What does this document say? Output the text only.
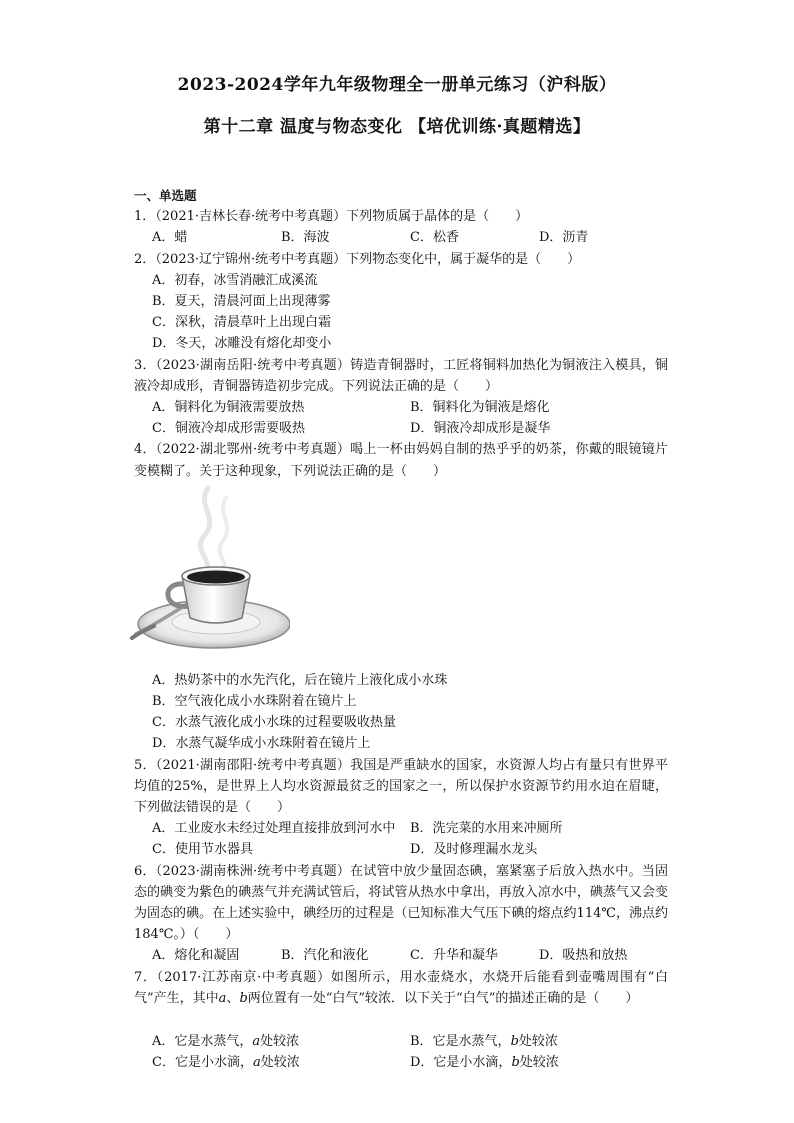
2023-2024学年九年级物理全一册单元练习（沪科版）
第十二章 温度与物态变化 【培优训练·真题精选】
一、单选题

1．（2021·吉林长春·统考中考真题）下列物质属于晶体的是（　　）

A．蜡	B．海波	C．松香	D．沥青

2．（2023·辽宁锦州·统考中考真题）下列物态变化中，属于凝华的是（　　）

A．初春，冰雪消融汇成溪流
B．夏天，清晨河面上出现薄雾
C．深秋，清晨草叶上出现白霜
D．冬天，冰雕没有熔化却变小

3．（2023·湖南岳阳·统考中考真题）铸造青铜器时，工匠将铜料加热化为铜液注入模具，铜液冷却成形，青铜器铸造初步完成。下列说法正确的是（　　）

A．铜料化为铜液需要放热	B．铜料化为铜液是熔化
C．铜液冷却成形需要吸热	D．铜液冷却成形是凝华

4．（2022·湖北鄂州·统考中考真题）喝上一杯由妈妈自制的热乎乎的奶茶，你戴的眼镜镜片变模糊了。关于这种现象，下列说法正确的是（　　）

A．热奶茶中的水先汽化，后在镜片上液化成小水珠
B．空气液化成小水珠附着在镜片上
C．水蒸气液化成小水珠的过程要吸收热量
D．水蒸气凝华成小水珠附着在镜片上

5．（2021·湖南邵阳·统考中考真题）我国是严重缺水的国家，水资源人均占有量只有世界平均值的25%，是世界上人均水资源最贫乏的国家之一，所以保护水资源节约用水迫在眉睫，下列做法错误的是（　　）

A．工业废水未经过处理直接排放到河水中	B．洗完菜的水用来冲厕所
C．使用节水器具	D．及时修理漏水龙头

6．（2023·湖南株洲·统考中考真题）在试管中放少量固态碘，塞紧塞子后放入热水中。当固态的碘变为紫色的碘蒸气并充满试管后，将试管从热水中拿出，再放入凉水中，碘蒸气又会变为固态的碘。在上述实验中，碘经历的过程是（已知标准大气压下碘的熔点约114℃，沸点约184℃。）（　　）

A．熔化和凝固	B．汽化和液化	C．升华和凝华	D．吸热和放热

7．（2017·江苏南京·中考真题）如图所示，用水壶烧水，水烧开后能看到壶嘴周围有“白气”产生，其中a、b两位置有一处“白气”较浓．以下关于“白气”的描述正确的是（　　）

A．它是水蒸气，a处较浓	B．它是水蒸气，b处较浓
C．它是小水滴，a处较浓	D．它是小水滴，b处较浓
